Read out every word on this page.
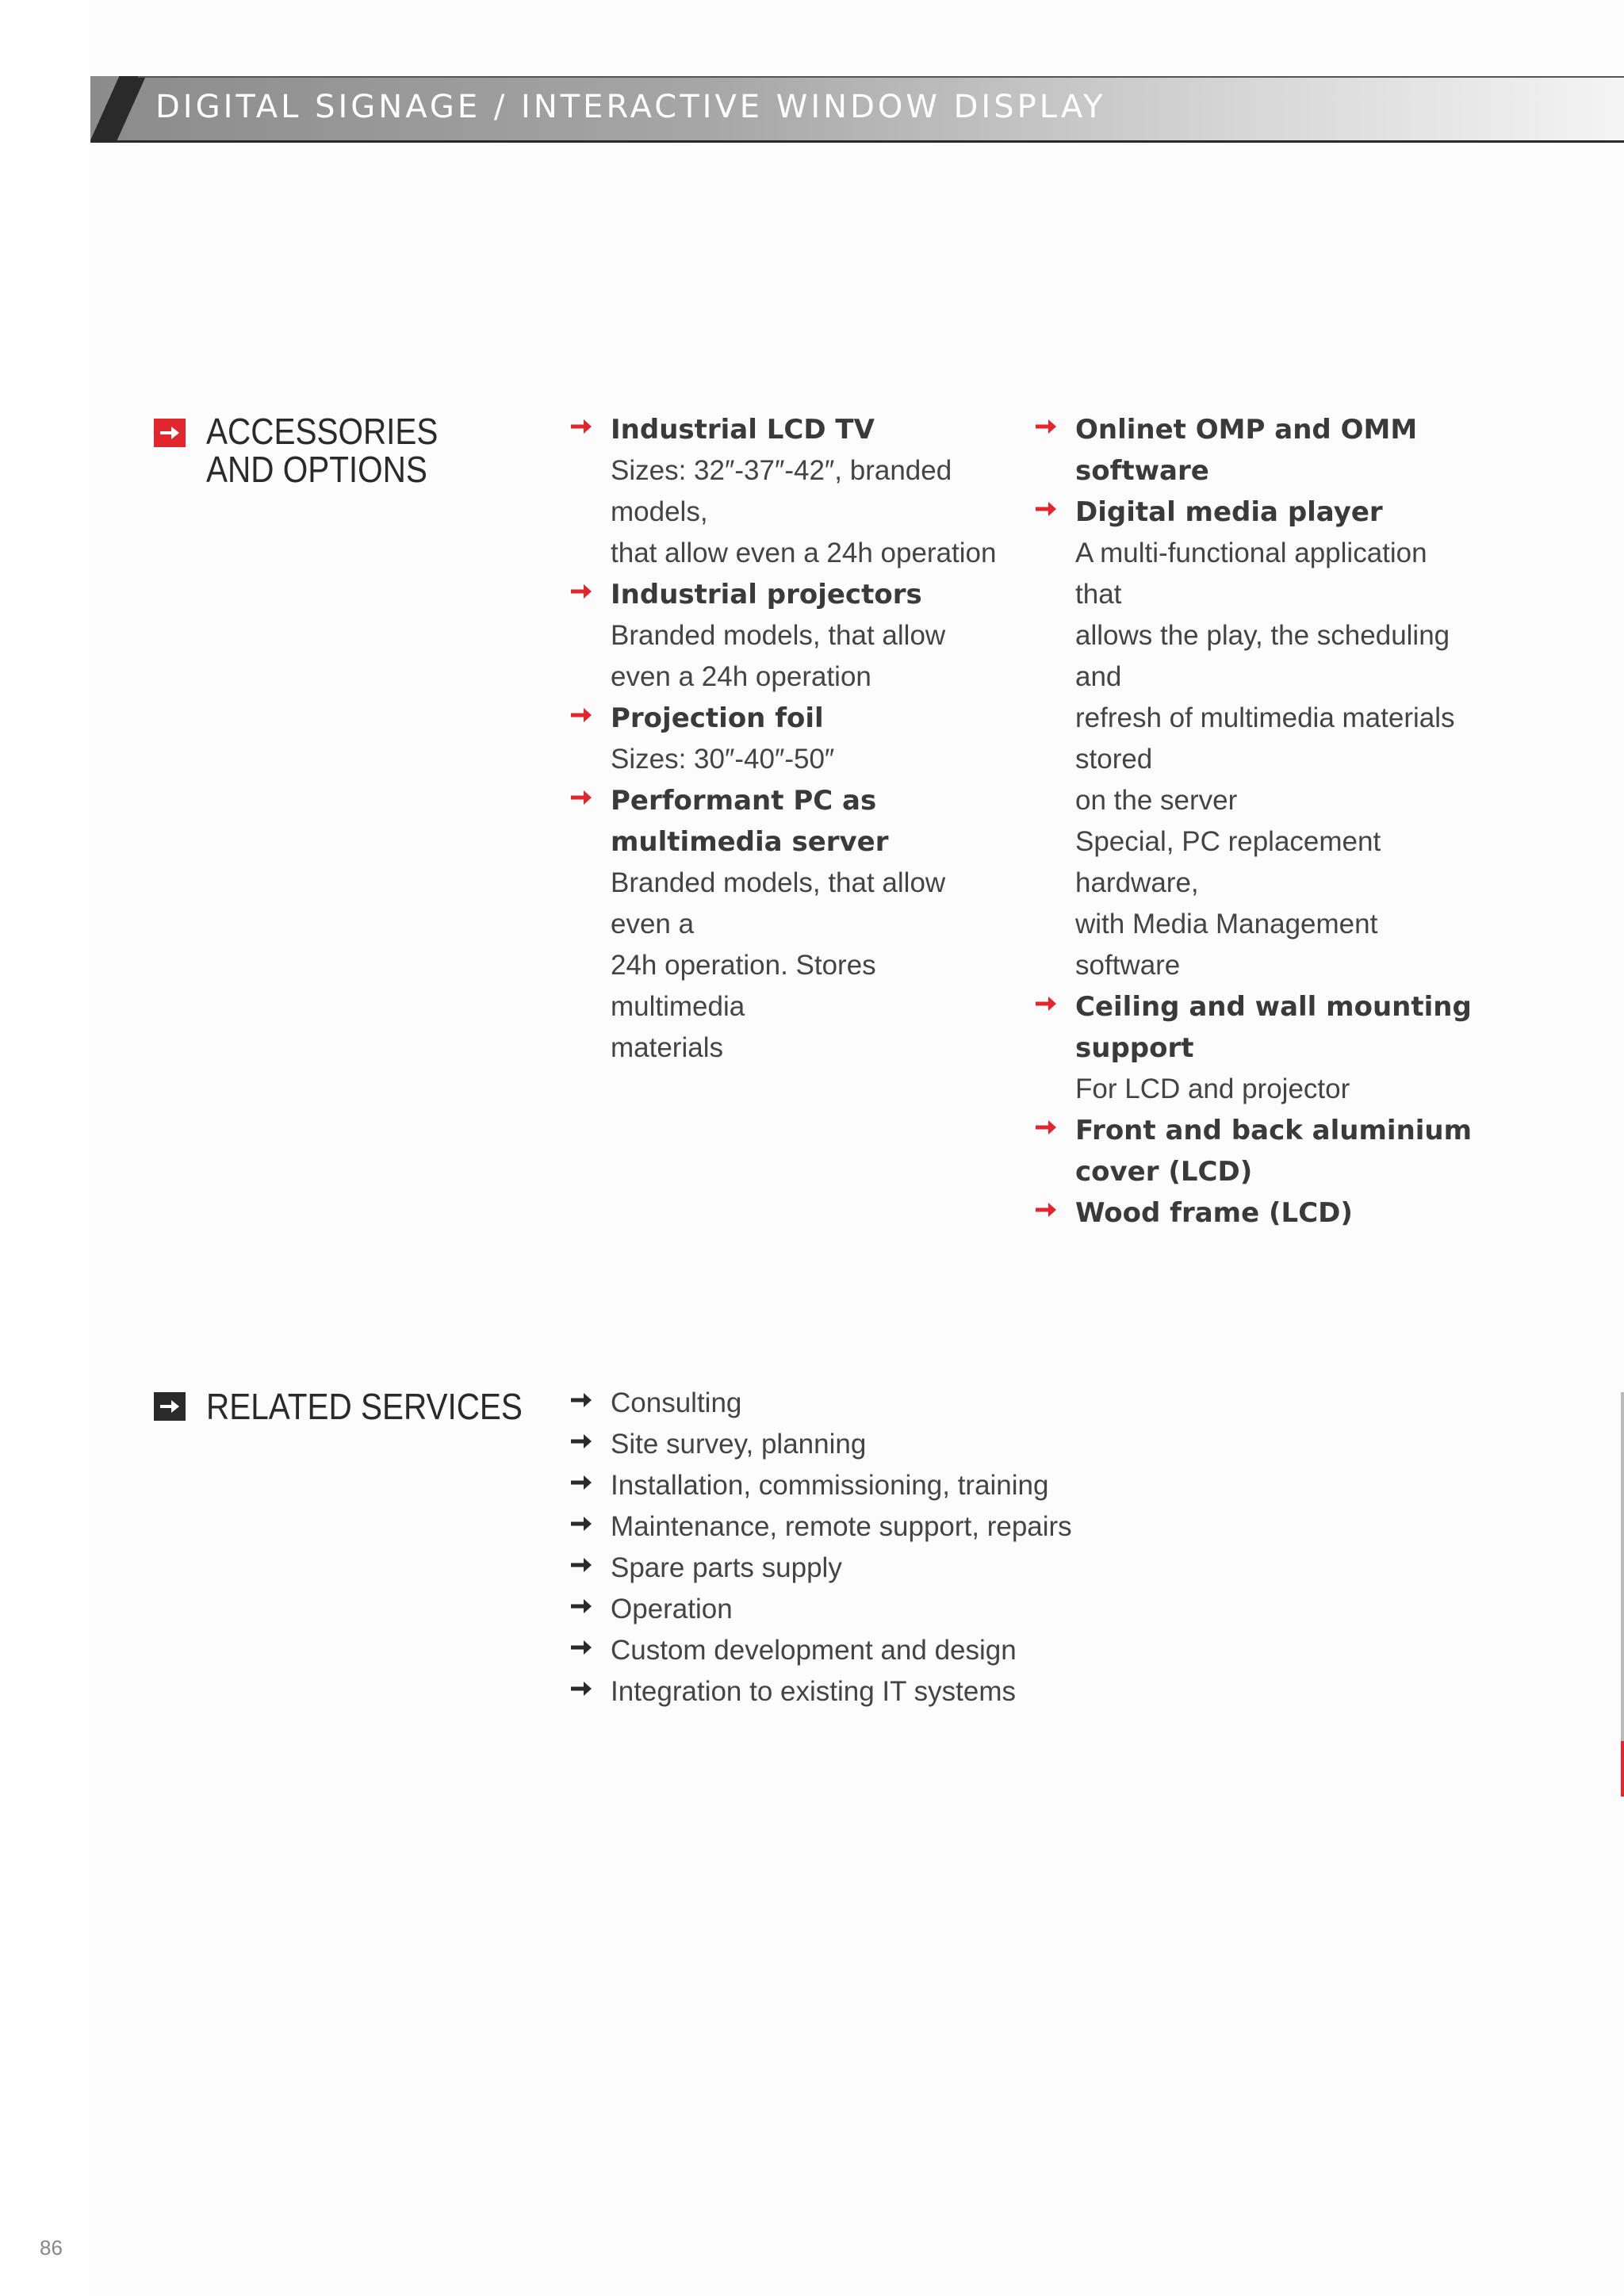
DIGITAL SIGNAGE / INTERACTIVE WINDOW DISPLAY
ACCESSORIES
AND OPTIONS
Industrial LCD TV
Sizes: 32″-37″-42″, branded models,
that allow even a 24h operation
Industrial projectors
Branded models, that allow
even a 24h operation
Projection foil
Sizes: 30″-40″-50″
Performant PC as multimedia server
Branded models, that allow even a
24h operation. Stores multimedia
materials
Onlinet OMP and OMM software
Digital media player
A multi-functional application that
allows the play, the scheduling and
refresh of multimedia materials stored
on the server
Special, PC replacement hardware,
with Media Management software
Ceiling and wall mounting support
For LCD and projector
Front and back aluminium cover (LCD)
Wood frame (LCD)
RELATED SERVICES	Consulting
Site survey, planning
Installation, commissioning, training
Maintenance, remote support, repairs
Spare parts supply
Operation
Custom development and design
Integration to existing IT systems
86
